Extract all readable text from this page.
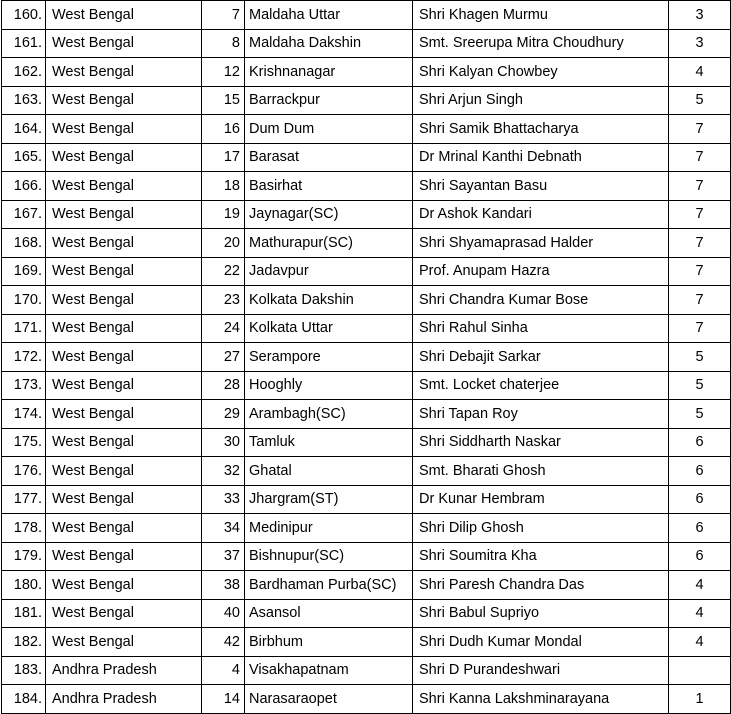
160.	West Bengal	7	Maldaha Uttar	Shri Khagen Murmu	3
161.	West Bengal	8	Maldaha Dakshin	Smt. Sreerupa Mitra Choudhury	3
162.	West Bengal	12	Krishnanagar	Shri Kalyan Chowbey	4
163.	West Bengal	15	Barrackpur	Shri Arjun Singh	5
164.	West Bengal	16	Dum Dum	Shri Samik Bhattacharya	7
165.	West Bengal	17	Barasat	Dr Mrinal Kanthi Debnath	7
166.	West Bengal	18	Basirhat	Shri Sayantan Basu	7
167.	West Bengal	19	Jaynagar(SC)	Dr Ashok Kandari	7
168.	West Bengal	20	Mathurapur(SC)	Shri Shyamaprasad Halder	7
169.	West Bengal	22	Jadavpur	Prof. Anupam Hazra	7
170.	West Bengal	23	Kolkata Dakshin	Shri Chandra Kumar Bose	7
171.	West Bengal	24	Kolkata Uttar	Shri Rahul Sinha	7
172.	West Bengal	27	Serampore	Shri Debajit Sarkar	5
173.	West Bengal	28	Hooghly	Smt. Locket chaterjee	5
174.	West Bengal	29	Arambagh(SC)	Shri Tapan Roy	5
175.	West Bengal	30	Tamluk	Shri Siddharth Naskar	6
176.	West Bengal	32	Ghatal	Smt. Bharati Ghosh	6
177.	West Bengal	33	Jhargram(ST)	Dr Kunar Hembram	6
178.	West Bengal	34	Medinipur	Shri Dilip Ghosh	6
179.	West Bengal	37	Bishnupur(SC)	Shri Soumitra Kha	6
180.	West Bengal	38	Bardhaman Purba(SC)	Shri Paresh Chandra Das	4
181.	West Bengal	40	Asansol	Shri Babul Supriyo	4
182.	West Bengal	42	Birbhum	Shri Dudh Kumar Mondal	4
183.	Andhra Pradesh	4	Visakhapatnam	Shri D Purandeshwari	
184.	Andhra Pradesh	14	Narasaraopet	Shri Kanna Lakshminarayana	1
